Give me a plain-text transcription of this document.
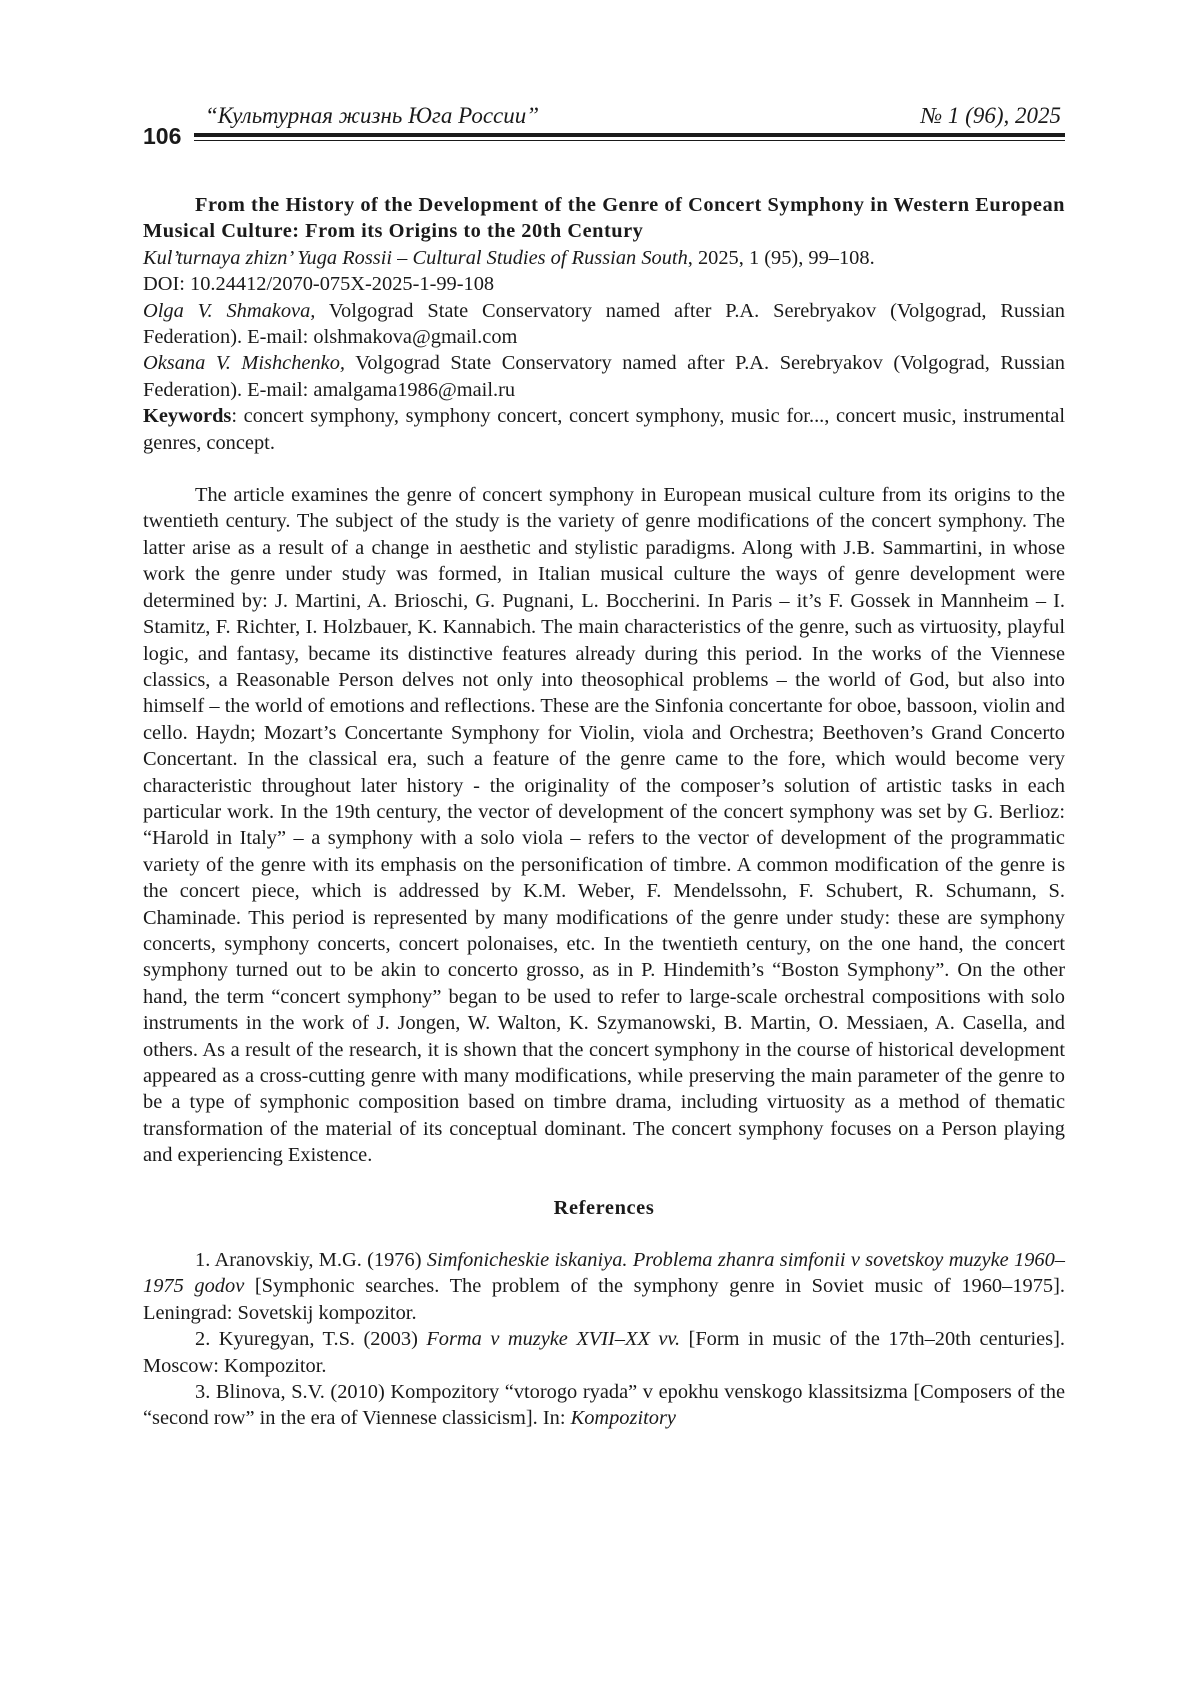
106
“Культурная жизнь Юга России”	№ 1 (96), 2025

From the History of the Development of the Genre of Concert Symphony in Western European Musical Culture: From its Origins to the 20th Century

Kul’turnaya zhizn’ Yuga Rossii – Cultural Studies of Russian South, 2025, 1 (95), 99–108.

DOI: 10.24412/2070-075X-2025-1-99-108

Olga V. Shmakova, Volgograd State Conservatory named after P.A. Serebryakov (Volgograd, Russian Federation). E-mail: olshmakova@gmail.com

Oksana V. Mishchenko, Volgograd State Conservatory named after P.A. Serebryakov (Volgograd, Russian Federation). E-mail: amalgama1986@mail.ru

Keywords: concert symphony, symphony concert, concert symphony, music for..., concert music, instrumental genres, concept.

The article examines the genre of concert symphony in European musical culture from its origins to the twentieth century. The subject of the study is the variety of genre modifications of the concert symphony. The latter arise as a result of a change in aesthetic and stylistic paradigms. Along with J.B. Sammartini, in whose work the genre under study was formed, in Italian musical culture the ways of genre development were determined by: J. Martini, A. Brioschi, G. Pugnani, L. Boccherini. In Paris – it’s F. Gossek in Mannheim – I. Stamitz, F. Richter, I. Holzbauer, K. Kannabich. The main characteristics of the genre, such as virtuosity, playful logic, and fantasy, became its distinctive features already during this period. In the works of the Viennese classics, a Reasonable Person delves not only into theosophical problems – the world of God, but also into himself – the world of emotions and reflections. These are the Sinfonia concertante for oboe, bassoon, violin and cello. Haydn; Mozart’s Concertante Symphony for Violin, viola and Orchestra; Beethoven’s Grand Concerto Concertant. In the classical era, such a feature of the genre came to the fore, which would become very characteristic throughout later history - the originality of the composer’s solution of artistic tasks in each particular work. In the 19th century, the vector of development of the concert symphony was set by G. Berlioz: “Harold in Italy” – a symphony with a solo viola – refers to the vector of development of the programmatic variety of the genre with its emphasis on the personification of timbre. A common modification of the genre is the concert piece, which is addressed by K.M. Weber, F. Mendelssohn, F. Schubert, R. Schumann, S. Chaminade. This period is represented by many modifications of the genre under study: these are symphony concerts, symphony concerts, concert polonaises, etc. In the twentieth century, on the one hand, the concert symphony turned out to be akin to concerto grosso, as in P. Hindemith’s “Boston Symphony”. On the other hand, the term “concert symphony” began to be used to refer to large-scale orchestral compositions with solo instruments in the work of J. Jongen, W. Walton, K. Szymanowski, B. Martin, O. Messiaen, A. Casella, and others. As a result of the research, it is shown that the concert symphony in the course of historical development appeared as a cross-cutting genre with many modifications, while preserving the main parameter of the genre to be a type of symphonic composition based on timbre drama, including virtuosity as a method of thematic transformation of the material of its conceptual dominant. The concert symphony focuses on a Person playing and experiencing Existence.

References

1. Aranovskiy, M.G. (1976) Simfonicheskie iskaniya. Problema zhanra simfonii v sovetskoy muzyke 1960–1975 godov [Symphonic searches. The problem of the symphony genre in Soviet music of 1960–1975]. Leningrad: Sovetskij kompozitor.

2. Kyuregyan, T.S. (2003) Forma v muzyke XVII–XX vv. [Form in music of the 17th–20th centuries]. Moscow: Kompozitor.

3. Blinova, S.V. (2010) Kompozitory “vtorogo ryada” v epokhu venskogo klassitsizma [Composers of the “second row” in the era of Viennese classicism]. In: Kompozitory
